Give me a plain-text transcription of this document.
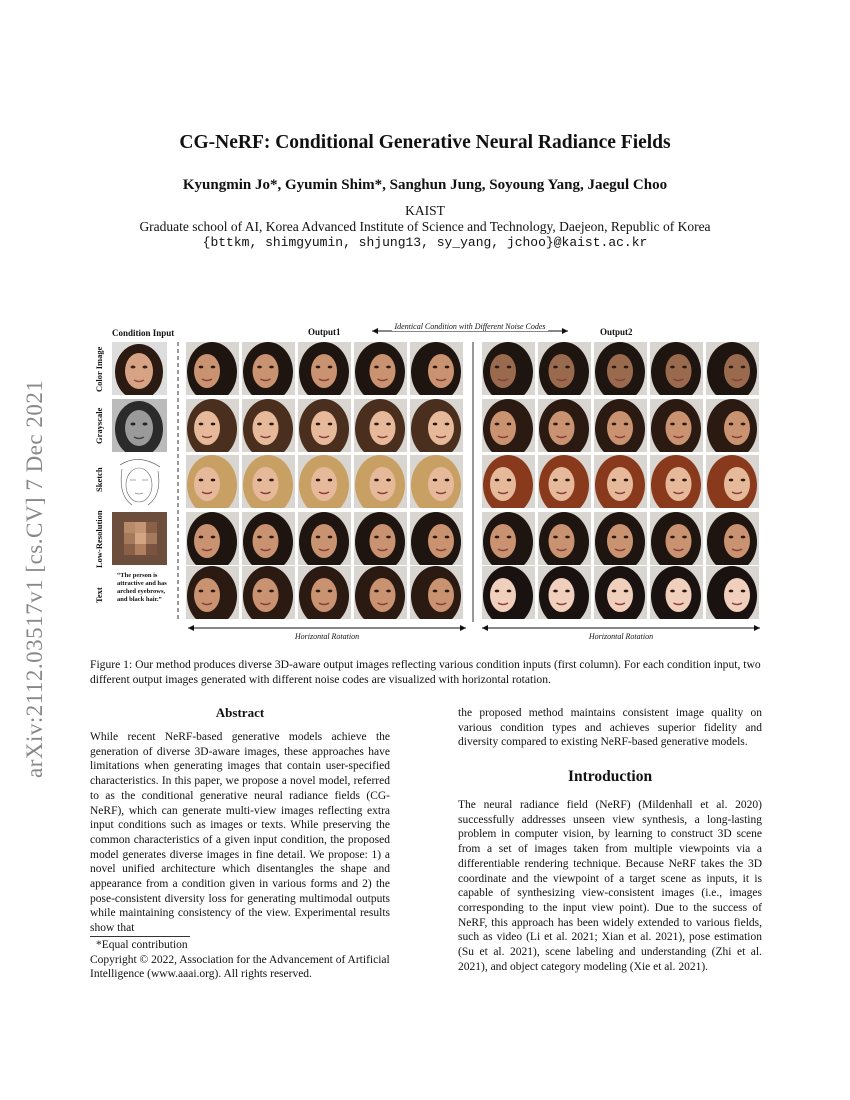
arXiv:2112.03517v1 [cs.CV] 7 Dec 2021
CG-NeRF: Conditional Generative Neural Radiance Fields
Kyungmin Jo*, Gyumin Shim*, Sanghun Jung, Soyoung Yang, Jaegul Choo
KAIST
Graduate school of AI, Korea Advanced Institute of Science and Technology, Daejeon, Republic of Korea
{bttkm, shimgyumin, shjung13, sy_yang, jchoo}@kaist.ac.kr
Condition Input	Output1	Output2
Identical Condition with Different Noise Codes
Color Image
Grayscale
Sketch
Low-Resolution
Text
“The person is attractive and has arched eyebrows, and black hair.”
Horizontal Rotation	Horizontal Rotation
Figure 1: Our method produces diverse 3D-aware output images reflecting various condition inputs (first column). For each condition input, two different output images generated with different noise codes are visualized with horizontal rotation.
Abstract
While recent NeRF-based generative models achieve the generation of diverse 3D-aware images, these approaches have limitations when generating images that contain user-specified characteristics. In this paper, we propose a novel model, referred to as the conditional generative neural radiance fields (CG-NeRF), which can generate multi-view images reflecting extra input conditions such as images or texts. While preserving the common characteristics of a given input condition, the proposed model generates diverse images in fine detail. We propose: 1) a novel unified architecture which disentangles the shape and appearance from a condition given in various forms and 2) the pose-consistent diversity loss for generating multimodal outputs while maintaining consistency of the view. Experimental results show that
*Equal contribution
Copyright © 2022, Association for the Advancement of Artificial Intelligence (www.aaai.org). All rights reserved.
the proposed method maintains consistent image quality on various condition types and achieves superior fidelity and diversity compared to existing NeRF-based generative models.
Introduction
The neural radiance field (NeRF) (Mildenhall et al. 2020) successfully addresses unseen view synthesis, a long-lasting problem in computer vision, by learning to construct 3D scene from a set of images taken from multiple viewpoints via a differentiable rendering technique. Because NeRF takes the 3D coordinate and the viewpoint of a target scene as inputs, it is capable of synthesizing view-consistent images (i.e., images corresponding to the input view point). Due to the success of NeRF, this approach has been widely extended to various fields, such as video (Li et al. 2021; Xian et al. 2021), pose estimation (Su et al. 2021), scene labeling and understanding (Zhi et al. 2021), and object category modeling (Xie et al. 2021).
